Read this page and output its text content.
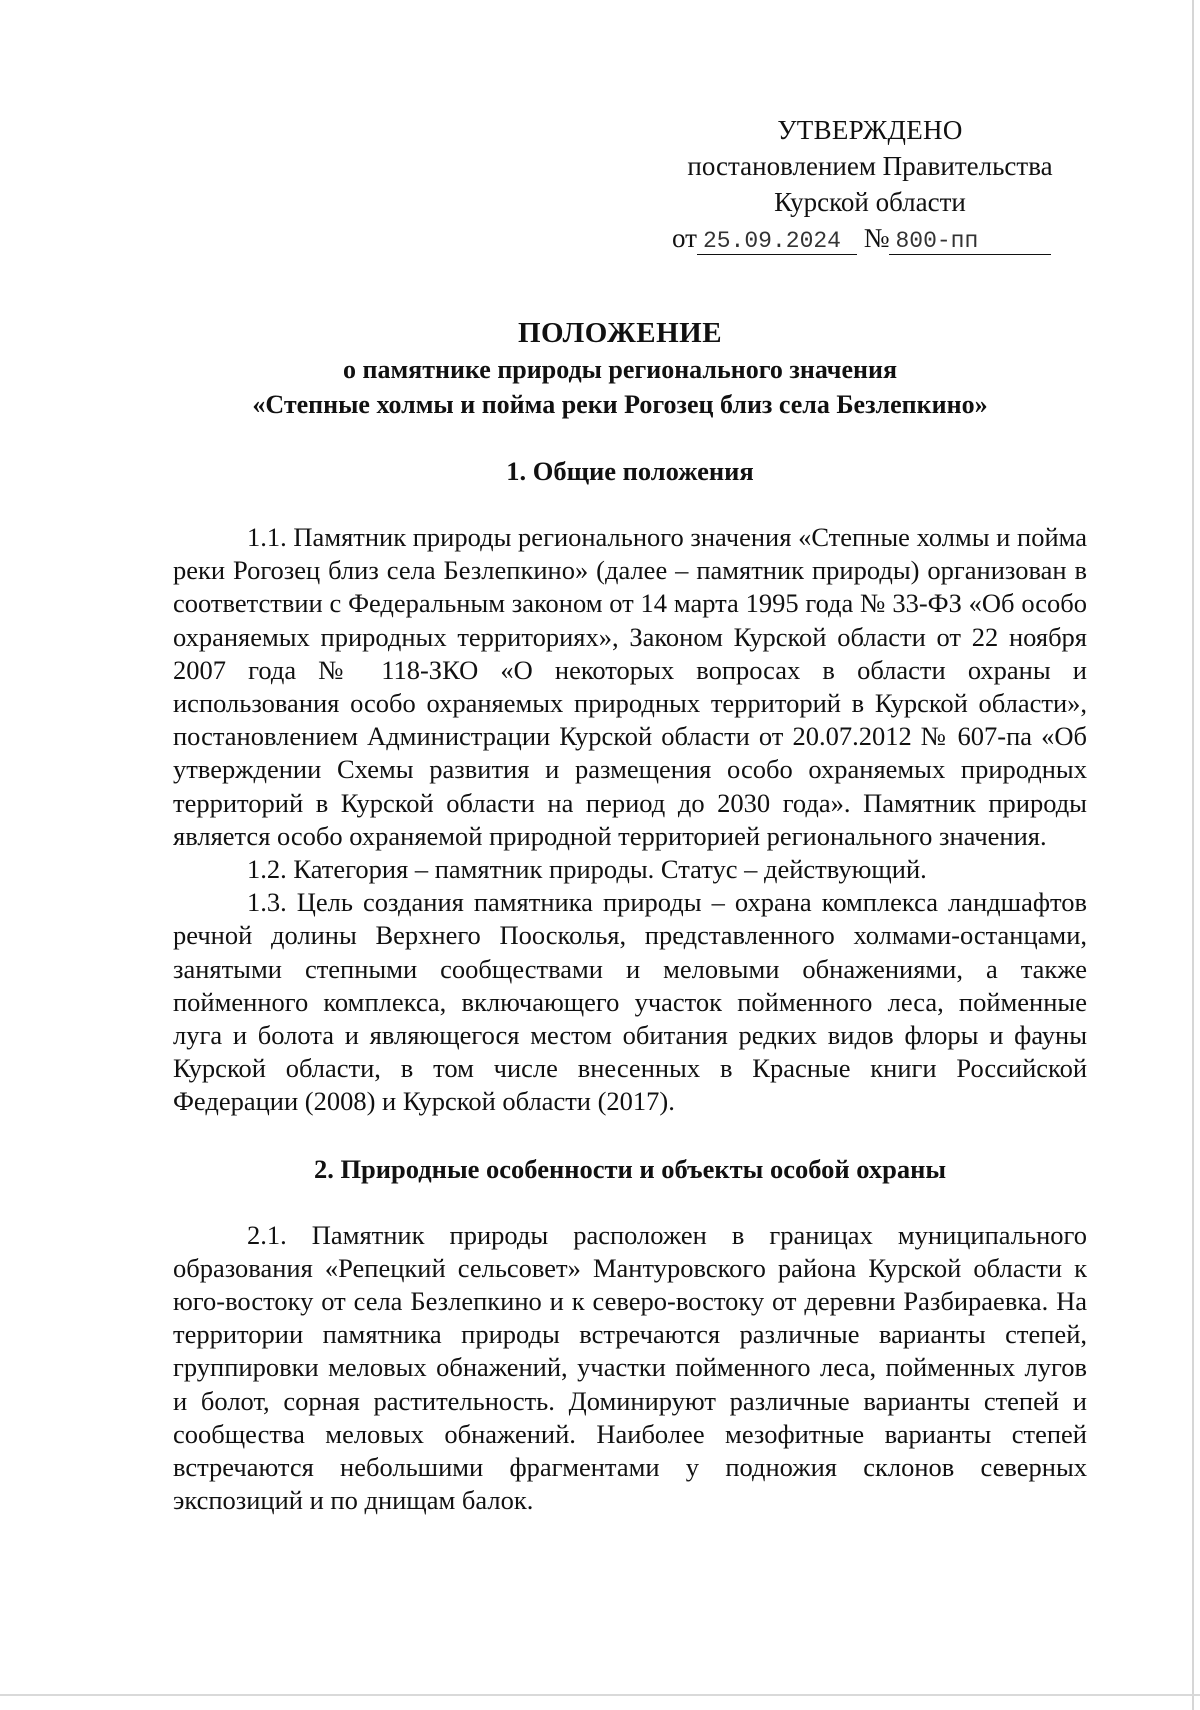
УТВЕРЖДЕНО
постановлением Правительства
Курской области
от 25.09.2024 № 800-пп
ПОЛОЖЕНИЕ
о памятнике природы регионального значения
«Степные холмы и пойма реки Рогозец близ села Безлепкино»
1. Общие положения

1.1. Памятник природы регионального значения «Степные холмы и пойма реки Рогозец близ села Безлепкино» (далее – памятник природы) организован в соответствии с Федеральным законом от 14 марта 1995 года № 33-ФЗ «Об особо охраняемых природных территориях», Законом Курской области от 22 ноября 2007 года № 118-ЗКО «О некоторых вопросах в области охраны и использования особо охраняемых природных территорий в Курской области», постановлением Администрации Курской области от 20.07.2012 № 607-па «Об утверждении Схемы развития и размещения особо охраняемых природных территорий в Курской области на период до 2030 года». Памятник природы является особо охраняемой природной территорией регионального значения.

1.2. Категория – памятник природы. Статус – действующий.

1.3. Цель создания памятника природы – охрана комплекса ландшафтов речной долины Верхнего Поосколья, представленного холмами-останцами, занятыми степными сообществами и меловыми обнажениями, а также пойменного комплекса, включающего участок пойменного леса, пойменные луга и болота и являющегося местом обитания редких видов флоры и фауны Курской области, в том числе внесенных в Красные книги Российской Федерации (2008) и Курской области (2017).

2. Природные особенности и объекты особой охраны

2.1. Памятник природы расположен в границах муниципального образования «Репецкий сельсовет» Мантуровского района Курской области к юго-востоку от села Безлепкино и к северо-востоку от деревни Разбираевка. На территории памятника природы встречаются различные варианты степей, группировки меловых обнажений, участки пойменного леса, пойменных лугов и болот, сорная растительность. Доминируют различные варианты степей и сообщества меловых обнажений. Наиболее мезофитные варианты степей встречаются небольшими фрагментами у подножия склонов северных экспозиций и по днищам балок.
